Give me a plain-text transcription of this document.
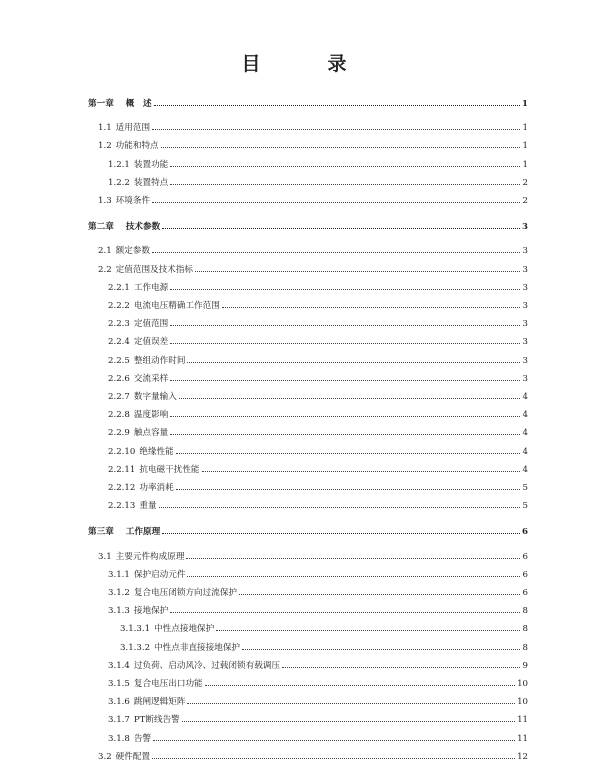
目　录
第一章 概　述	1
1.1 适用范围	1
1.2 功能和特点	1
1.2.1 装置功能	1
1.2.2 装置特点	2
1.3 环境条件	2
第二章 技术参数	3
2.1 额定参数	3
2.2 定值范围及技术指标	3
2.2.1 工作电源	3
2.2.2 电流电压精确工作范围	3
2.2.3 定值范围	3
2.2.4 定值误差	3
2.2.5 整组动作时间	3
2.2.6 交流采样	3
2.2.7 数字量输入	4
2.2.8 温度影响	4
2.2.9 触点容量	4
2.2.10 绝缘性能	4
2.2.11 抗电磁干扰性能	4
2.2.12 功率消耗	5
2.2.13 重量	5
第三章 工作原理	6
3.1 主要元件构成原理	6
3.1.1 保护启动元件	6
3.1.2 复合电压闭锁方向过流保护	6
3.1.3 接地保护	8
3.1.3.1 中性点接地保护	8
3.1.3.2 中性点非直接接地保护	8
3.1.4 过负荷、启动风冷、过载闭锁有载调压	9
3.1.5 复合电压出口功能	10
3.1.6 跳闸逻辑矩阵	10
3.1.7 PT断线告警	11
3.1.8 告警	11
3.2 硬件配置	12
